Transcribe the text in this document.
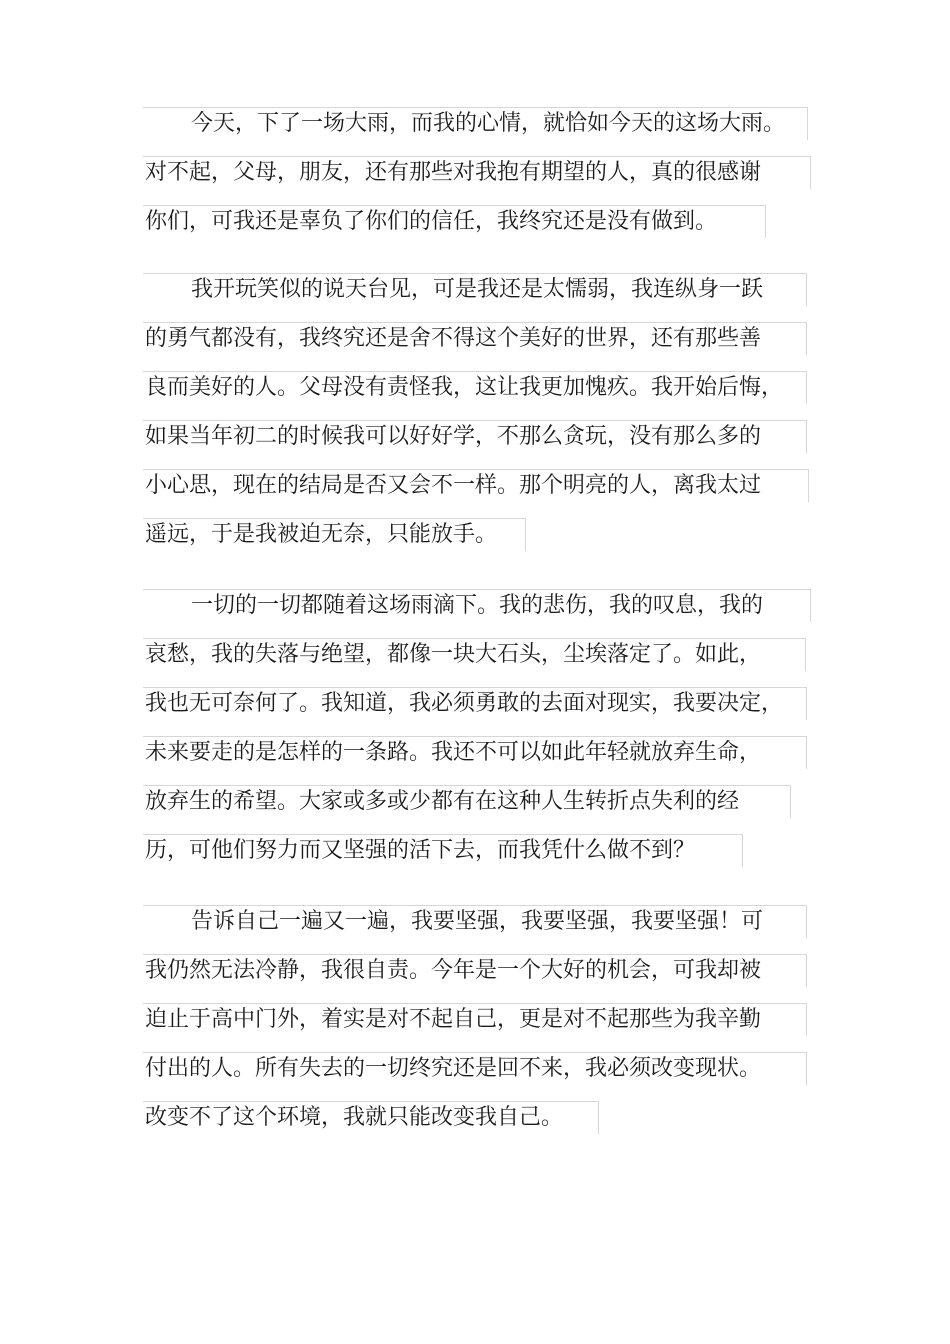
今天，下了一场大雨，而我的心情，就恰如今天的这场大雨。
对不起，父母，朋友，还有那些对我抱有期望的人，真的很感谢
你们，可我还是辜负了你们的信任，我终究还是没有做到。
我开玩笑似的说天台见，可是我还是太懦弱，我连纵身一跃
的勇气都没有，我终究还是舍不得这个美好的世界，还有那些善
良而美好的人。父母没有责怪我，这让我更加愧疚。我开始后悔，
如果当年初二的时候我可以好好学，不那么贪玩，没有那么多的
小心思，现在的结局是否又会不一样。那个明亮的人，离我太过
遥远，于是我被迫无奈，只能放手。
一切的一切都随着这场雨滴下。我的悲伤，我的叹息，我的
哀愁，我的失落与绝望，都像一块大石头，尘埃落定了。如此，
我也无可奈何了。我知道，我必须勇敢的去面对现实，我要决定，
未来要走的是怎样的一条路。我还不可以如此年轻就放弃生命，
放弃生的希望。大家或多或少都有在这种人生转折点失利的经
历，可他们努力而又坚强的活下去，而我凭什么做不到？
告诉自己一遍又一遍，我要坚强，我要坚强，我要坚强！可
我仍然无法冷静，我很自责。今年是一个大好的机会，可我却被
迫止于高中门外，着实是对不起自己，更是对不起那些为我辛勤
付出的人。所有失去的一切终究还是回不来，我必须改变现状。
改变不了这个环境，我就只能改变我自己。
